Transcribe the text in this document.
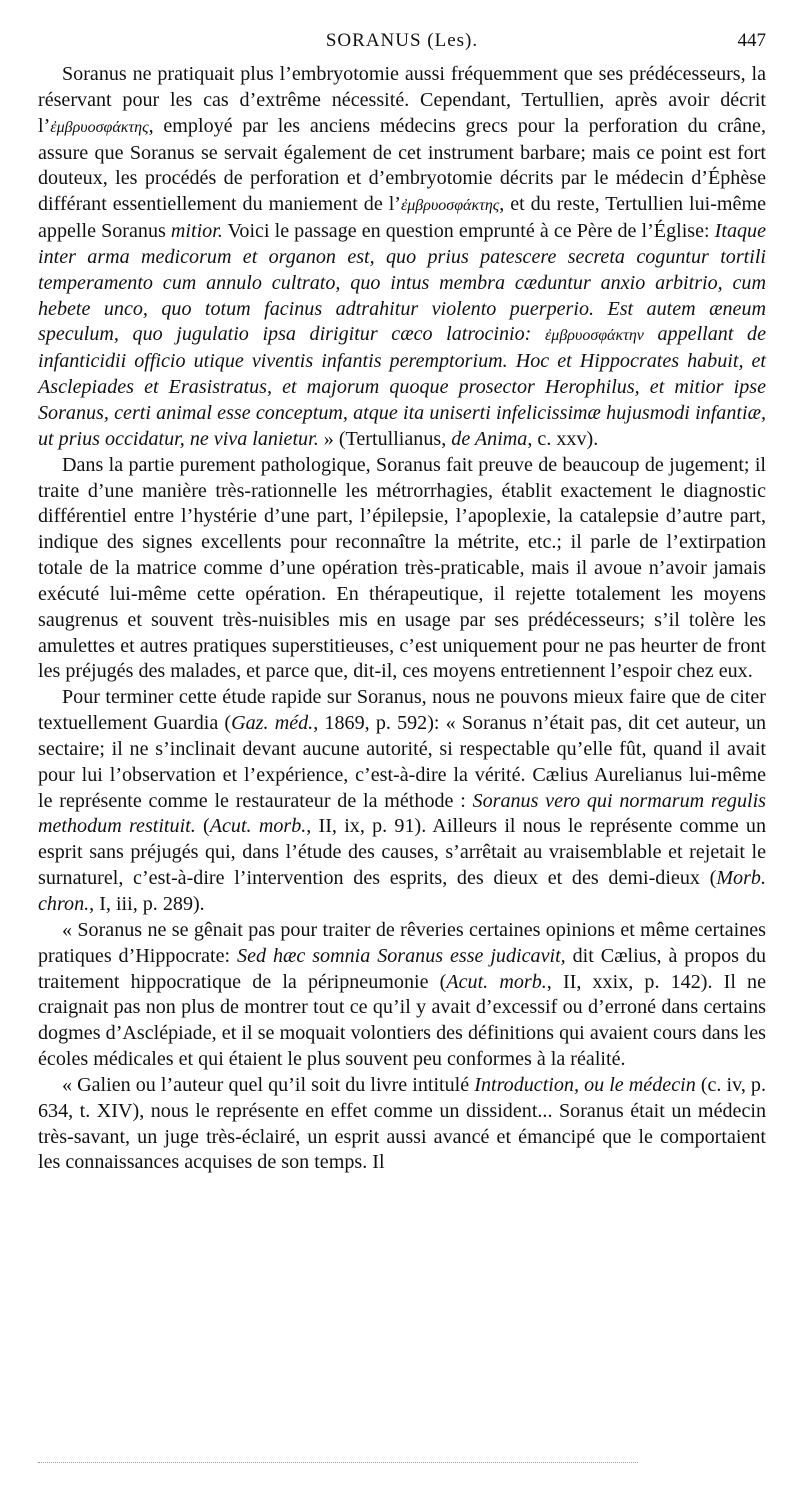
SORANUS (Les).	447

Soranus ne pratiquait plus l’embryotomie aussi fréquemment que ses prédécesseurs, la réservant pour les cas d’extrême nécessité. Cependant, Tertullien, après avoir décrit l’ἐμβρυοσφάκτης, employé par les anciens médecins grecs pour la perforation du crâne, assure que Soranus se servait également de cet instrument barbare; mais ce point est fort douteux, les procédés de perforation et d’embryotomie décrits par le médecin d’Éphèse différant essentiellement du maniement de l’ἐμβρυοσφάκτης, et du reste, Tertullien lui-même appelle Soranus mitior. Voici le passage en question emprunté à ce Père de l’Église: Itaque inter arma medicorum et organon est, quo prius patescere secreta coguntur tortili temperamento cum annulo cultrato, quo intus membra cæduntur anxio arbitrio, cum hebete unco, quo totum facinus adtrahitur violento puerperio. Est autem æneum speculum, quo jugulatio ipsa dirigitur cæco latrocinio: ἐμβρυοσφάκτην appellant de infanticidii officio utique viventis infantis peremptorium. Hoc et Hippocrates habuit, et Asclepiades et Erasistratus, et majorum quoque prosector Herophilus, et mitior ipse Soranus, certi animal esse conceptum, atque ita uniserti infelicissimæ hujusmodi infantiæ, ut prius occidatur, ne viva lanietur. » (Tertullianus, de Anima, c. xxv).

Dans la partie purement pathologique, Soranus fait preuve de beaucoup de jugement; il traite d’une manière très-rationnelle les métrorrhagies, établit exactement le diagnostic différentiel entre l’hystérie d’une part, l’épilepsie, l’apoplexie, la catalepsie d’autre part, indique des signes excellents pour reconnaître la métrite, etc.; il parle de l’extirpation totale de la matrice comme d’une opération très-praticable, mais il avoue n’avoir jamais exécuté lui-même cette opération. En thérapeutique, il rejette totalement les moyens saugrenus et souvent très-nuisibles mis en usage par ses prédécesseurs; s’il tolère les amulettes et autres pratiques superstitieuses, c’est uniquement pour ne pas heurter de front les préjugés des malades, et parce que, dit-il, ces moyens entretiennent l’espoir chez eux.

Pour terminer cette étude rapide sur Soranus, nous ne pouvons mieux faire que de citer textuellement Guardia (Gaz. méd., 1869, p. 592): « Soranus n’était pas, dit cet auteur, un sectaire; il ne s’inclinait devant aucune autorité, si respectable qu’elle fût, quand il avait pour lui l’observation et l’expérience, c’est-à-dire la vérité. Cælius Aurelianus lui-même le représente comme le restaurateur de la méthode : Soranus vero qui normarum regulis methodum restituit. (Acut. morb., II, ix, p. 91). Ailleurs il nous le représente comme un esprit sans préjugés qui, dans l’étude des causes, s’arrêtait au vraisemblable et rejetait le surnaturel, c’est-à-dire l’intervention des esprits, des dieux et des demi-dieux (Morb. chron., I, iii, p. 289).

« Soranus ne se gênait pas pour traiter de rêveries certaines opinions et même certaines pratiques d’Hippocrate: Sed hæc somnia Soranus esse judicavit, dit Cælius, à propos du traitement hippocratique de la péripneumonie (Acut. morb., II, xxix, p. 142). Il ne craignait pas non plus de montrer tout ce qu’il y avait d’excessif ou d’erroné dans certains dogmes d’Asclépiade, et il se moquait volontiers des définitions qui avaient cours dans les écoles médicales et qui étaient le plus souvent peu conformes à la réalité.

« Galien ou l’auteur quel qu’il soit du livre intitulé Introduction, ou le médecin (c. iv, p. 634, t. XIV), nous le représente en effet comme un dissident... Soranus était un médecin très-savant, un juge très-éclairé, un esprit aussi avancé et émancipé que le comportaient les connaissances acquises de son temps. Il
